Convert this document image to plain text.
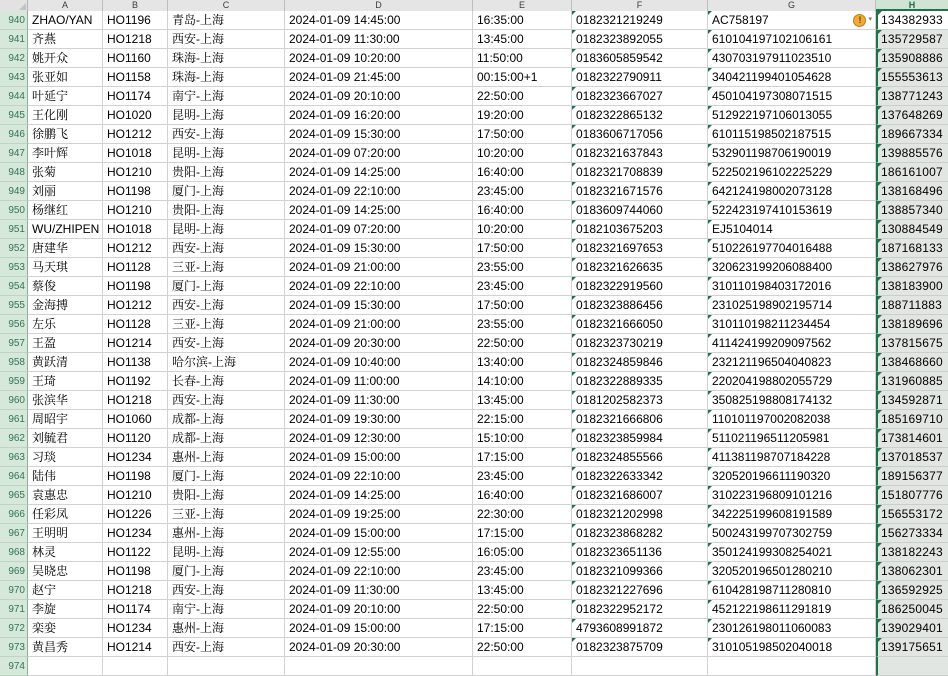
A	B	C	D	E	F	G	H
940 ZHAO/YAN	HO1196	青岛-上海	2024-01-09 14:45:00	16:35:00	0182321219249	AC758197	!	▾ 134382933
941 齐燕	HO1218	西安-上海	2024-01-09 11:30:00	13:45:00	0182323892055	610104197102106161	135729587
942 姚开众	HO1160	珠海-上海	2024-01-09 10:20:00	11:50:00	0183605859542	430703197911023510	135908886
943 张亚如	HO1158	珠海-上海	2024-01-09 21:45:00	00:15:00+1	0182322790911	340421199401054628	155553613
944 叶延宁	HO1174	南宁-上海	2024-01-09 20:10:00	22:50:00	0182323667027	450104197308071515	138771243
945 王化刚	HO1020	昆明-上海	2024-01-09 16:20:00	19:20:00	0182322865132	512922197106013055	137648269
946 徐鹏飞	HO1212	西安-上海	2024-01-09 15:30:00	17:50:00	0183606717056	610115198502187515	189667334
947 李叶辉	HO1018	昆明-上海	2024-01-09 07:20:00	10:20:00	0182321637843	532901198706190019	139885576
948 张菊	HO1210	贵阳-上海	2024-01-09 14:25:00	16:40:00	0182321708839	522502196102225229	186161007
949 刘丽	HO1198	厦门-上海	2024-01-09 22:10:00	23:45:00	0182321671576	642124198002073128	138168496
950 杨继红	HO1210	贵阳-上海	2024-01-09 14:25:00	16:40:00	0183609744060	522423197410153619	138857340
951 WU/ZHIPEN HO1018	昆明-上海	2024-01-09 07:20:00	10:20:00	0182103675203	EJ5104014	130884549
952 唐建华	HO1212	西安-上海	2024-01-09 15:30:00	17:50:00	0182321697653	510226197704016488	187168133
953 马天琪	HO1128	三亚-上海	2024-01-09 21:00:00	23:55:00	0182321626635	320623199206088400	138627976
954 蔡俊	HO1198	厦门-上海	2024-01-09 22:10:00	23:45:00	0182322919560	310110198403172016	138183900
955 金海搏	HO1212	西安-上海	2024-01-09 15:30:00	17:50:00	0182323886456	231025198902195714	188711883
956 左乐	HO1128	三亚-上海	2024-01-09 21:00:00	23:55:00	0182321666050	310110198211234454	138189696
957 王盈	HO1214	西安-上海	2024-01-09 20:30:00	22:50:00	0182323730219	411424199209097562	137815675
958 黄跃清	HO1138	哈尔滨-上海	2024-01-09 10:40:00	13:40:00	0182324859846	232121196504040823	138468660
959 王琦	HO1192	长春-上海	2024-01-09 11:00:00	14:10:00	0182322889335	220204198802055729	131960885
960 张滨华	HO1218	西安-上海	2024-01-09 11:30:00	13:45:00	0181202582373	350825198808174132	134592871
961 周昭宇	HO1060	成都-上海	2024-01-09 19:30:00	22:15:00	0182321666806	110101197002082038	185169710
962 刘毓君	HO1120	成都-上海	2024-01-09 12:30:00	15:10:00	0182323859984	511021196511205981	173814601
963 习琰	HO1234	惠州-上海	2024-01-09 15:00:00	17:15:00	0182324855566	411381198707184228	137018537
964 陆伟	HO1198	厦门-上海	2024-01-09 22:10:00	23:45:00	0182322633342	320520196611190320	189156377
965 袁惠忠	HO1210	贵阳-上海	2024-01-09 14:25:00	16:40:00	0182321686007	310223196809101216	151807776
966 任彩凤	HO1226	三亚-上海	2024-01-09 19:25:00	22:30:00	0182321202998	342225199608191589	156553172
967 王明明	HO1234	惠州-上海	2024-01-09 15:00:00	17:15:00	0182323868282	500243199707302759	156273334
968 林灵	HO1122	昆明-上海	2024-01-09 12:55:00	16:05:00	0182323651136	350124199308254021	138182243
969 吴晓忠	HO1198	厦门-上海	2024-01-09 22:10:00	23:45:00	0182321099366	320520196501280210	138062301
970 赵宁	HO1218	西安-上海	2024-01-09 11:30:00	13:45:00	0182321227696	610428198711280810	136592925
971 李旋	HO1174	南宁-上海	2024-01-09 20:10:00	22:50:00	0182322952172	452122198611291819	186250045
972 栾娈	HO1234	惠州-上海	2024-01-09 15:00:00	17:15:00	4793608991872	230126198011060083	139029401
973 黄昌秀	HO1214	西安-上海	2024-01-09 20:30:00	22:50:00	0182323875709	310105198502040018	139175651
974
